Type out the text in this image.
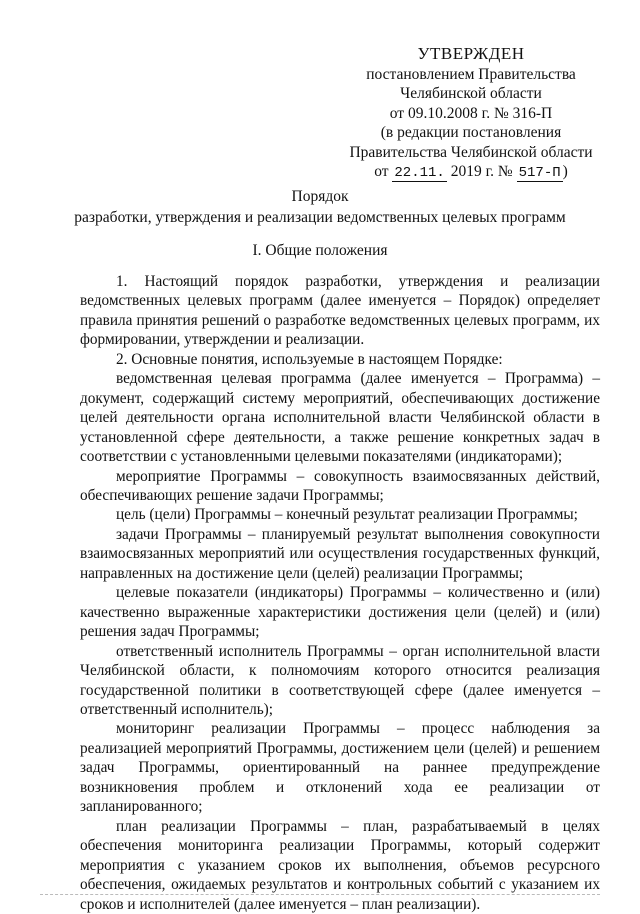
УТВЕРЖДЕН
постановлением Правительства
Челябинской области
от 09.10.2008 г. № 316-П
(в редакции постановления
Правительства Челябинской области
от 22.11. 2019 г. № 517-П )
Порядок
разработки, утверждения и реализации ведомственных целевых программ
I. Общие положения

1. Настоящий порядок разработки, утверждения и реализации ведомственных целевых программ (далее именуется – Порядок) определяет правила принятия решений о разработке ведомственных целевых программ, их формировании, утверждении и реализации.

2. Основные понятия, используемые в настоящем Порядке:

ведомственная целевая программа (далее именуется – Программа) – документ, содержащий систему мероприятий, обеспечивающих достижение целей деятельности органа исполнительной власти Челябинской области в установленной сфере деятельности, а также решение конкретных задач в соответствии с установленными целевыми показателями (индикаторами);

мероприятие Программы – совокупность взаимосвязанных действий, обеспечивающих решение задачи Программы;

цель (цели) Программы – конечный результат реализации Программы;

задачи Программы – планируемый результат выполнения совокупности взаимосвязанных мероприятий или осуществления государственных функций, направленных на достижение цели (целей) реализации Программы;

целевые показатели (индикаторы) Программы – количественно и (или) качественно выраженные характеристики достижения цели (целей) и (или) решения задач Программы;

ответственный исполнитель Программы – орган исполнительной власти Челябинской области, к полномочиям которого относится реализация государственной политики в соответствующей сфере (далее именуется – ответственный исполнитель);

мониторинг реализации Программы – процесс наблюдения за реализацией мероприятий Программы, достижением цели (целей) и решением задач Программы, ориентированный на раннее предупреждение возникновения проблем и отклонений хода ее реализации от запланированного;

план реализации Программы – план, разрабатываемый в целях обеспечения мониторинга реализации Программы, который содержит мероприятия с указанием сроков их выполнения, объемов ресурсного обеспечения, ожидаемых результатов и контрольных событий с указанием их сроков и исполнителей (далее именуется – план реализации).
